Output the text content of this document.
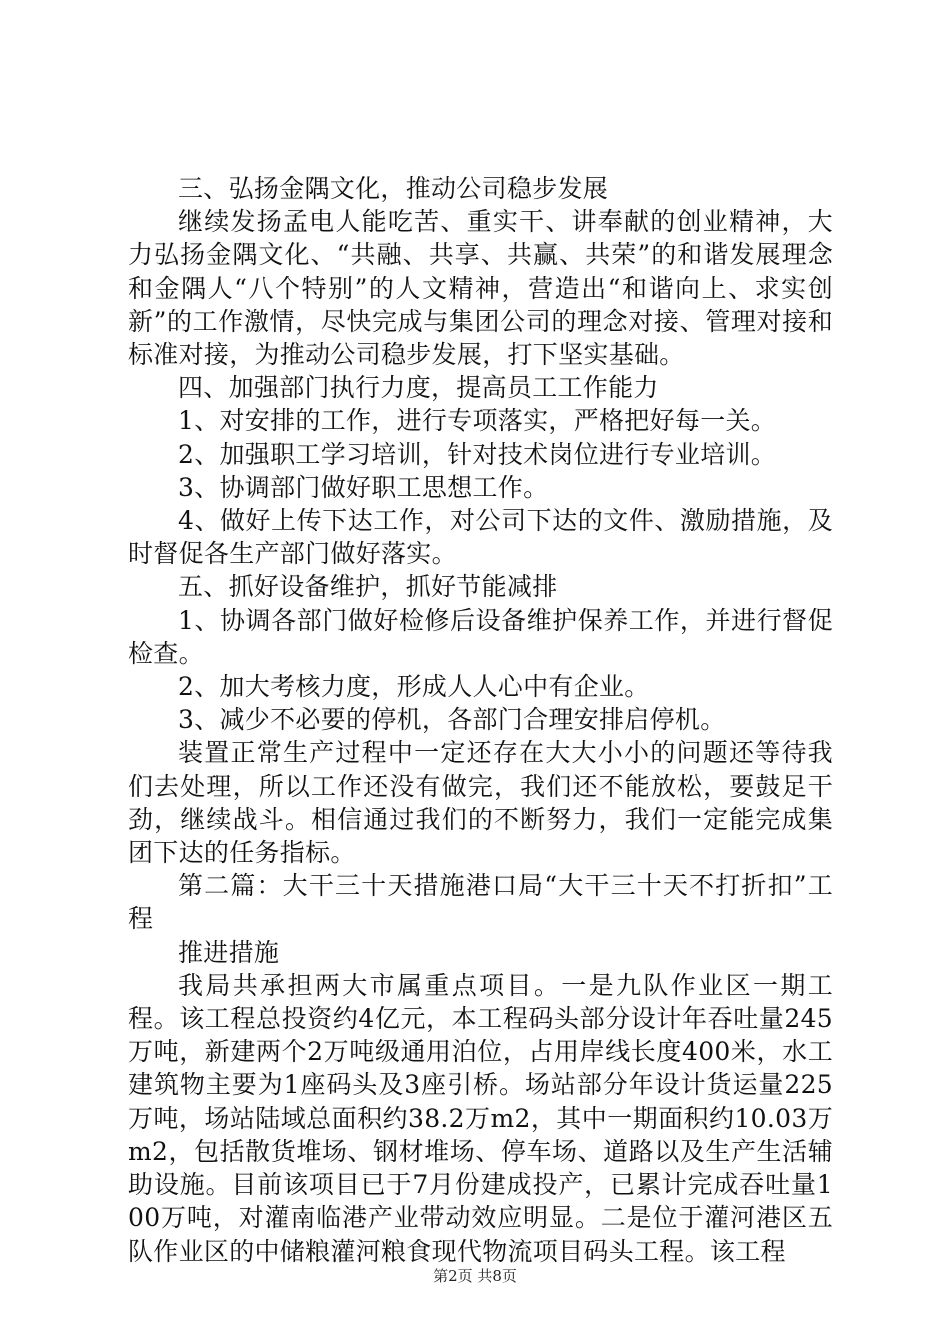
三、弘扬金隅文化，推动公司稳步发展

继续发扬孟电人能吃苦、重实干、讲奉献的创业精神，大力弘扬金隅文化、“共融、共享、共赢、共荣”的和谐发展理念和金隅人“八个特别”的人文精神，营造出“和谐向上、求实创新”的工作激情，尽快完成与集团公司的理念对接、管理对接和标准对接，为推动公司稳步发展，打下坚实基础。

四、加强部门执行力度，提高员工工作能力

1、对安排的工作，进行专项落实，严格把好每一关。

2、加强职工学习培训，针对技术岗位进行专业培训。

3、协调部门做好职工思想工作。

4、做好上传下达工作，对公司下达的文件、激励措施，及时督促各生产部门做好落实。

五、抓好设备维护，抓好节能减排

1、协调各部门做好检修后设备维护保养工作，并进行督促检查。

2、加大考核力度，形成人人心中有企业。

3、减少不必要的停机，各部门合理安排启停机。

装置正常生产过程中一定还存在大大小小的问题还等待我们去处理，所以工作还没有做完，我们还不能放松，要鼓足干劲，继续战斗。相信通过我们的不断努力，我们一定能完成集团下达的任务指标。

第二篇：大干三十天措施港口局“大干三十天不打折扣”工程

推进措施

我局共承担两大市属重点项目。一是九队作业区一期工程。该工程总投资约4亿元，本工程码头部分设计年吞吐量245万吨，新建两个2万吨级通用泊位，占用岸线长度400米，水工建筑物主要为1座码头及3座引桥。场站部分年设计货运量225万吨，场站陆域总面积约38.2万m2，其中一期面积约10.03万m2，包括散货堆场、钢材堆场、停车场、道路以及生产生活辅助设施。目前该项目已于7月份建成投产，已累计完成吞吐量100万吨，对灌南临港产业带动效应明显。二是位于灌河港区五队作业区的中储粮灌河粮食现代物流项目码头工程。该工程

第2页 共8页
